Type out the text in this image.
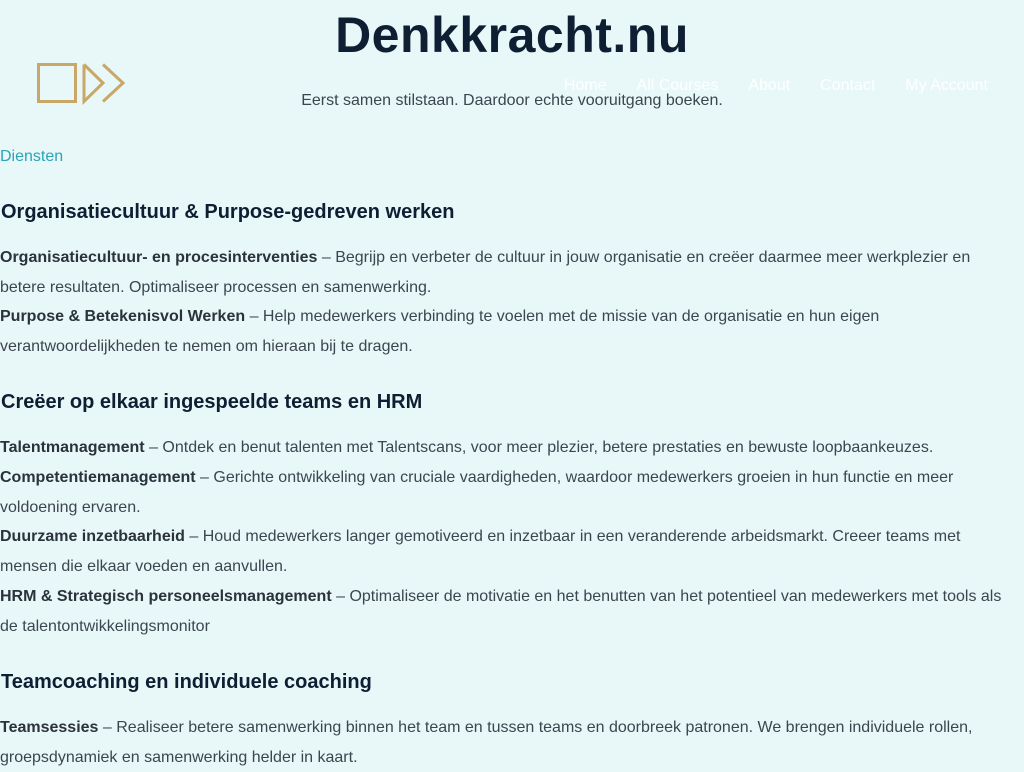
Denkkracht.nu
Eerst samen stilstaan. Daardoor echte vooruitgang boeken.
Home All Courses About Contact My Account
Diensten
Organisatiecultuur & Purpose-gedreven werken

Organisatiecultuur- en procesinterventies – Begrijp en verbeter de cultuur in jouw organisatie en creëer daarmee meer werkplezier en betere resultaten. Optimaliseer processen en samenwerking.

Purpose & Betekenisvol Werken – Help medewerkers verbinding te voelen met de missie van de organisatie en hun eigen verantwoordelijkheden te nemen om hieraan bij te dragen.

Creëer op elkaar ingespeelde teams en HRM

Talentmanagement – Ontdek en benut talenten met Talentscans, voor meer plezier, betere prestaties en bewuste loopbaankeuzes.

Competentiemanagement – Gerichte ontwikkeling van cruciale vaardigheden, waardoor medewerkers groeien in hun functie en meer voldoening ervaren.

Duurzame inzetbaarheid – Houd medewerkers langer gemotiveerd en inzetbaar in een veranderende arbeidsmarkt. Creeer teams met mensen die elkaar voeden en aanvullen.

HRM & Strategisch personeelsmanagement – Optimaliseer de motivatie en het benutten van het potentieel van medewerkers met tools als de talentontwikkelingsmonitor

Teamcoaching en individuele coaching

Teamsessies – Realiseer betere samenwerking binnen het team en tussen teams en doorbreek patronen. We brengen individuele rollen, groepsdynamiek en samenwerking helder in kaart.
